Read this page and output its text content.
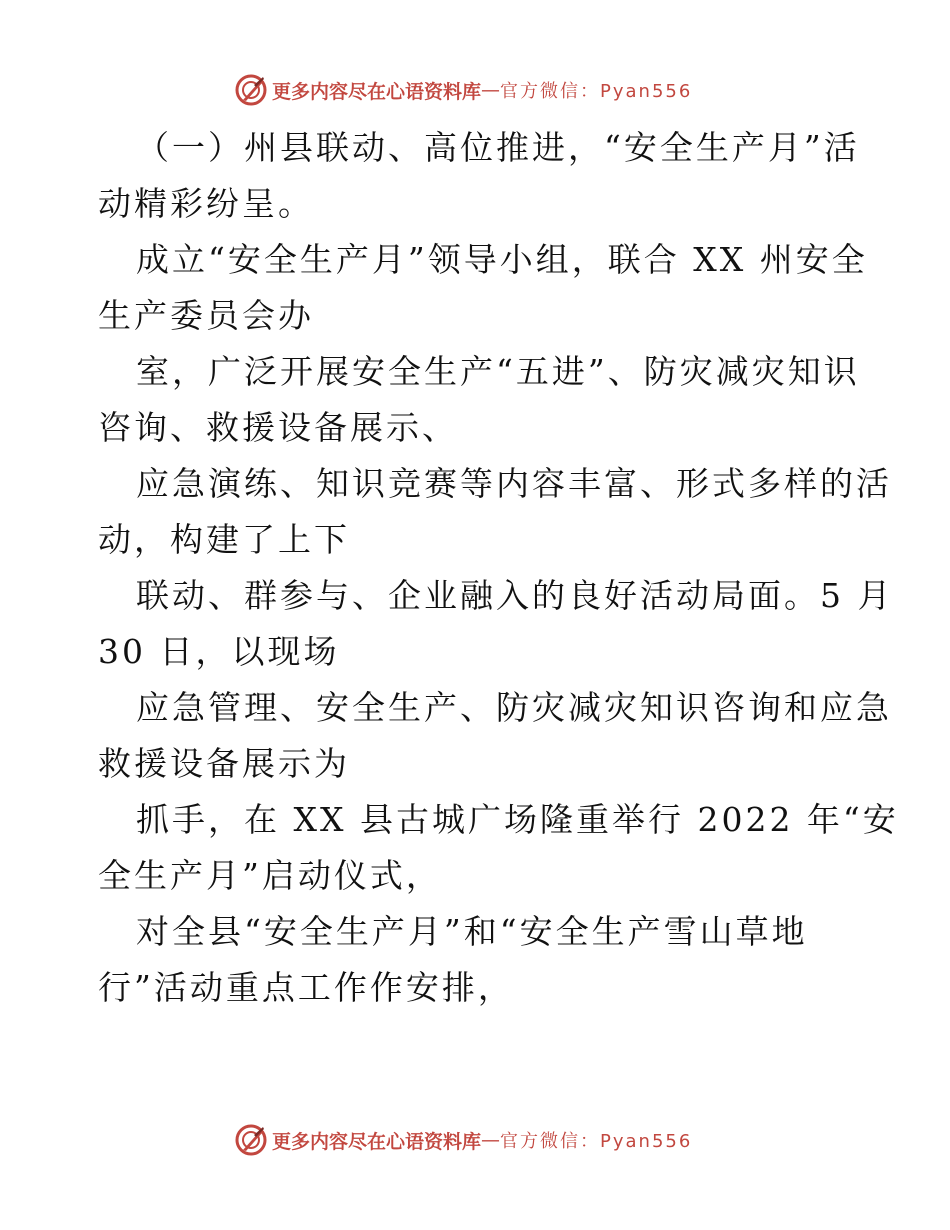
更多内容尽在心语资料库 — 官方微信：Pyan556
（一）州县联动、高位推进，“安全生产月”活
动精彩纷呈。
成立“安全生产月”领导小组，联合 XX 州安全
生产委员会办
室，广泛开展安全生产“五进”、防灾减灾知识
咨询、救援设备展示、
应急演练、知识竞赛等内容丰富、形式多样的活
动，构建了上下
联动、群参与、企业融入的良好活动局面。5 月
30 日，以现场
应急管理、安全生产、防灾减灾知识咨询和应急
救援设备展示为
抓手，在 XX 县古城广场隆重举行 2022 年“安
全生产月”启动仪式，
对全县“安全生产月”和“安全生产雪山草地
行”活动重点工作作安排，
更多内容尽在心语资料库 — 官方微信：Pyan556
